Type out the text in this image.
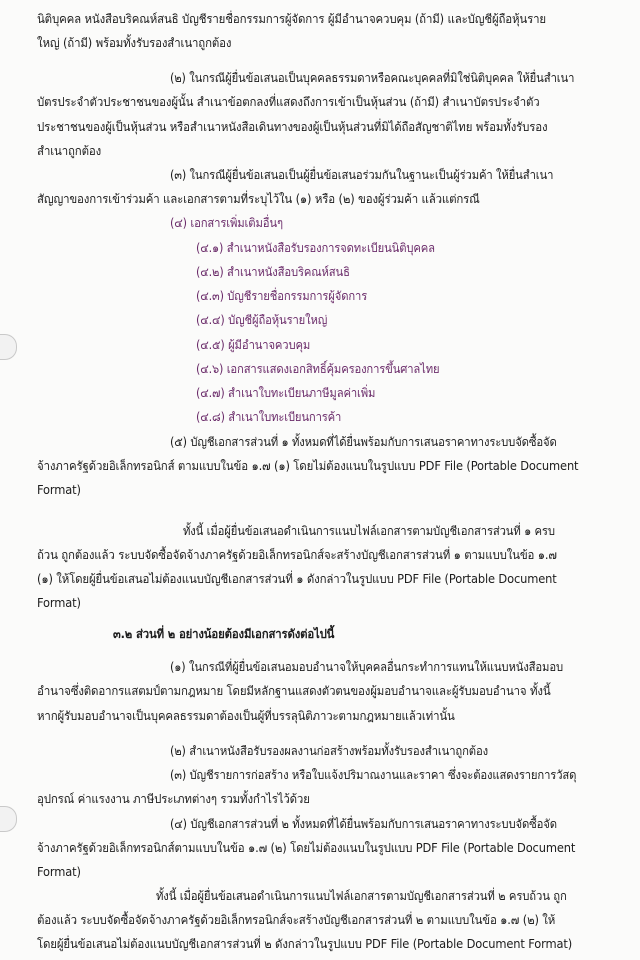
นิติบุคคล หนังสือบริคณห์สนธิ บัญชีรายชื่อกรรมการผู้จัดการ ผู้มีอำนาจควบคุม (ถ้ามี) และบัญชีผู้ถือหุ้นราย
ใหญ่ (ถ้ามี) พร้อมทั้งรับรองสำเนาถูกต้อง
(๒) ในกรณีผู้ยื่นข้อเสนอเป็นบุคคลธรรมดาหรือคณะบุคคลที่มิใช่นิติบุคคล ให้ยื่นสำเนา
บัตรประจำตัวประชาชนของผู้นั้น สำเนาข้อตกลงที่แสดงถึงการเข้าเป็นหุ้นส่วน (ถ้ามี) สำเนาบัตรประจำตัว
ประชาชนของผู้เป็นหุ้นส่วน หรือสำเนาหนังสือเดินทางของผู้เป็นหุ้นส่วนที่มิได้ถือสัญชาติไทย พร้อมทั้งรับรอง
สำเนาถูกต้อง
(๓) ในกรณีผู้ยื่นข้อเสนอเป็นผู้ยื่นข้อเสนอร่วมกันในฐานะเป็นผู้ร่วมค้า ให้ยื่นสำเนา
สัญญาของการเข้าร่วมค้า และเอกสารตามที่ระบุไว้ใน (๑) หรือ (๒) ของผู้ร่วมค้า แล้วแต่กรณี
(๔) เอกสารเพิ่มเติมอื่นๆ
(๔.๑) สำเนาหนังสือรับรองการจดทะเบียนนิติบุคคล
(๔.๒) สำเนาหนังสือบริคณห์สนธิ
(๔.๓) บัญชีรายชื่อกรรมการผู้จัดการ
(๔.๔) บัญชีผู้ถือหุ้นรายใหญ่
(๔.๕) ผู้มีอำนาจควบคุม
(๔.๖) เอกสารแสดงเอกสิทธิ์คุ้มครองการขึ้นศาลไทย
(๔.๗) สำเนาใบทะเบียนภาษีมูลค่าเพิ่ม
(๔.๘) สำเนาใบทะเบียนการค้า
(๕) บัญชีเอกสารส่วนที่ ๑ ทั้งหมดที่ได้ยื่นพร้อมกับการเสนอราคาทางระบบจัดซื้อจัด
จ้างภาครัฐด้วยอิเล็กทรอนิกส์ ตามแบบในข้อ ๑.๗ (๑) โดยไม่ต้องแนบในรูปแบบ PDF File (Portable Document
Format)
ทั้งนี้ เมื่อผู้ยื่นข้อเสนอดำเนินการแนบไฟล์เอกสารตามบัญชีเอกสารส่วนที่ ๑ ครบ
ถ้วน ถูกต้องแล้ว ระบบจัดซื้อจัดจ้างภาครัฐด้วยอิเล็กทรอนิกส์จะสร้างบัญชีเอกสารส่วนที่ ๑ ตามแบบในข้อ ๑.๗
(๑) ให้โดยผู้ยื่นข้อเสนอไม่ต้องแนบบัญชีเอกสารส่วนที่ ๑ ดังกล่าวในรูปแบบ PDF File (Portable Document
Format)
๓.๒ ส่วนที่ ๒ อย่างน้อยต้องมีเอกสารดังต่อไปนี้
(๑) ในกรณีที่ผู้ยื่นข้อเสนอมอบอำนาจให้บุคคลอื่นกระทำการแทนให้แนบหนังสือมอบ
อำนาจซึ่งติดอากรแสตมป์ตามกฎหมาย โดยมีหลักฐานแสดงตัวตนของผู้มอบอำนาจและผู้รับมอบอำนาจ ทั้งนี้
หากผู้รับมอบอำนาจเป็นบุคคลธรรมดาต้องเป็นผู้ที่บรรลุนิติภาวะตามกฎหมายแล้วเท่านั้น
(๒) สำเนาหนังสือรับรองผลงานก่อสร้างพร้อมทั้งรับรองสำเนาถูกต้อง
(๓) บัญชีรายการก่อสร้าง หรือใบแจ้งปริมาณงานและราคา ซึ่งจะต้องแสดงรายการวัสดุ
อุปกรณ์ ค่าแรงงาน ภาษีประเภทต่างๆ รวมทั้งกำไรไว้ด้วย
(๔) บัญชีเอกสารส่วนที่ ๒ ทั้งหมดที่ได้ยื่นพร้อมกับการเสนอราคาทางระบบจัดซื้อจัด
จ้างภาครัฐด้วยอิเล็กทรอนิกส์ตามแบบในข้อ ๑.๗ (๒) โดยไม่ต้องแนบในรูปแบบ PDF File (Portable Document
Format)
ทั้งนี้ เมื่อผู้ยื่นข้อเสนอดำเนินการแนบไฟล์เอกสารตามบัญชีเอกสารส่วนที่ ๒ ครบถ้วน ถูก
ต้องแล้ว ระบบจัดซื้อจัดจ้างภาครัฐด้วยอิเล็กทรอนิกส์จะสร้างบัญชีเอกสารส่วนที่ ๒ ตามแบบในข้อ ๑.๗ (๒) ให้
โดยผู้ยื่นข้อเสนอไม่ต้องแนบบัญชีเอกสารส่วนที่ ๒ ดังกล่าวในรูปแบบ PDF File (Portable Document Format)
